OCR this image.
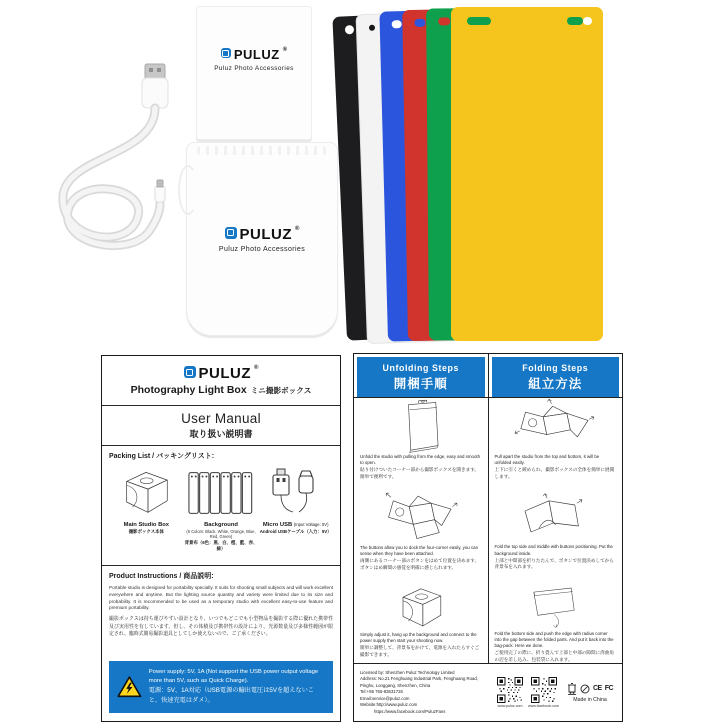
PULUZ ®
Puluz Photo Accessories
PULUZ ®
Puluz Photo Accessories
PULUZ ®
Photography Light Box ミニ撮影ボックス
User Manual
取り扱い説明書
Packing List / パッキングリスト:
Main Studio Box
撮影ボックス本体
Background
(6 Colors: Black, White, Orange, Blue, Red, Green)
背景布（6色：黒、白、橙、藍、赤、緑）
Micro USB (Input Voltage: 5V)
Android USBケーブル（入力：5V）
Product Instructions / 商品説明:
Portable studio is designed for portability specially. It suits for shooting small subjects and will work excellent everywhere and anytime. But the lighting source quantity and variety were limited due to its size and probability. It is recommended to be used as a temporary studio with excellent easy-to-use feature and premium portability.
撮影ボックスは持ち運びやすい設計となり、いつでもどこでも小型物品を撮影する際に優れた携帯性及び実用性を有しています。但し、その体積及び携帯性の設計により、光源数量及び多様性範囲が限定され、臨時式簡易撮影道具としてしか使えないので、ご了承ください。
Power supply: 5V, 1A (Not support the USB power output voltage more than 5V, such as Quick Charge).
電源：5V、1A対応（USB電源の輸出電圧は5Vを超えないこと、快速充電はダメ）。
Unfolding Steps
開梱手順
Unfold the studio with pulling from the edge, easy and smooth to open.
貼り付けついたコーナー部から撮影ボックスを開きます。簡単で便利です。
The buttons allow you to dock the four-corner easily, you can sense when they have been attached.
両側にあるコーナー部のボタンをはめて位置を決めます、ボタンはめ瞬間の感覚を明確に感じられます。
Simply adjust it, hang up the background and connect to the power supply then start your shooting now.
簡単に調整して、背景布をかけて、電源を入れたらすぐご撮影できます。
Folding Steps
組立方法
Pull apart the studio from the top and bottom, it will be unfolded easily.
上下に引くと緩められ、撮影ボックスの全体を簡単に展開します。
Fold the top side and middle with buttons positioning. Put the background inside.
上部と中間部を折りたたんで、ボタンで位置決めしてから背景布を入れます。
Fold the bottom side and push the edge with radius corner into the gap between the folded parts. And put it back into the bag-pack. Here we done.
ご使用完了の際に、折り畳んで上部と中部の隙間に湾曲角の辺を差し込み、包装袋に入れます。
Licensed by: Shenzhen Puluz Technology Limited
Address: No.21 Fenghuang Industrial Park, Fenghuang Road,
Pinghu, Longgang, Shenzhen, China
Tel:+86 755-83631726
Email:service@puluz.com
Website:http://www.puluz.com
https://www.facebook.com/PuluzFans
www.puluz.com www.facebook.com
CE FC
Made in China
